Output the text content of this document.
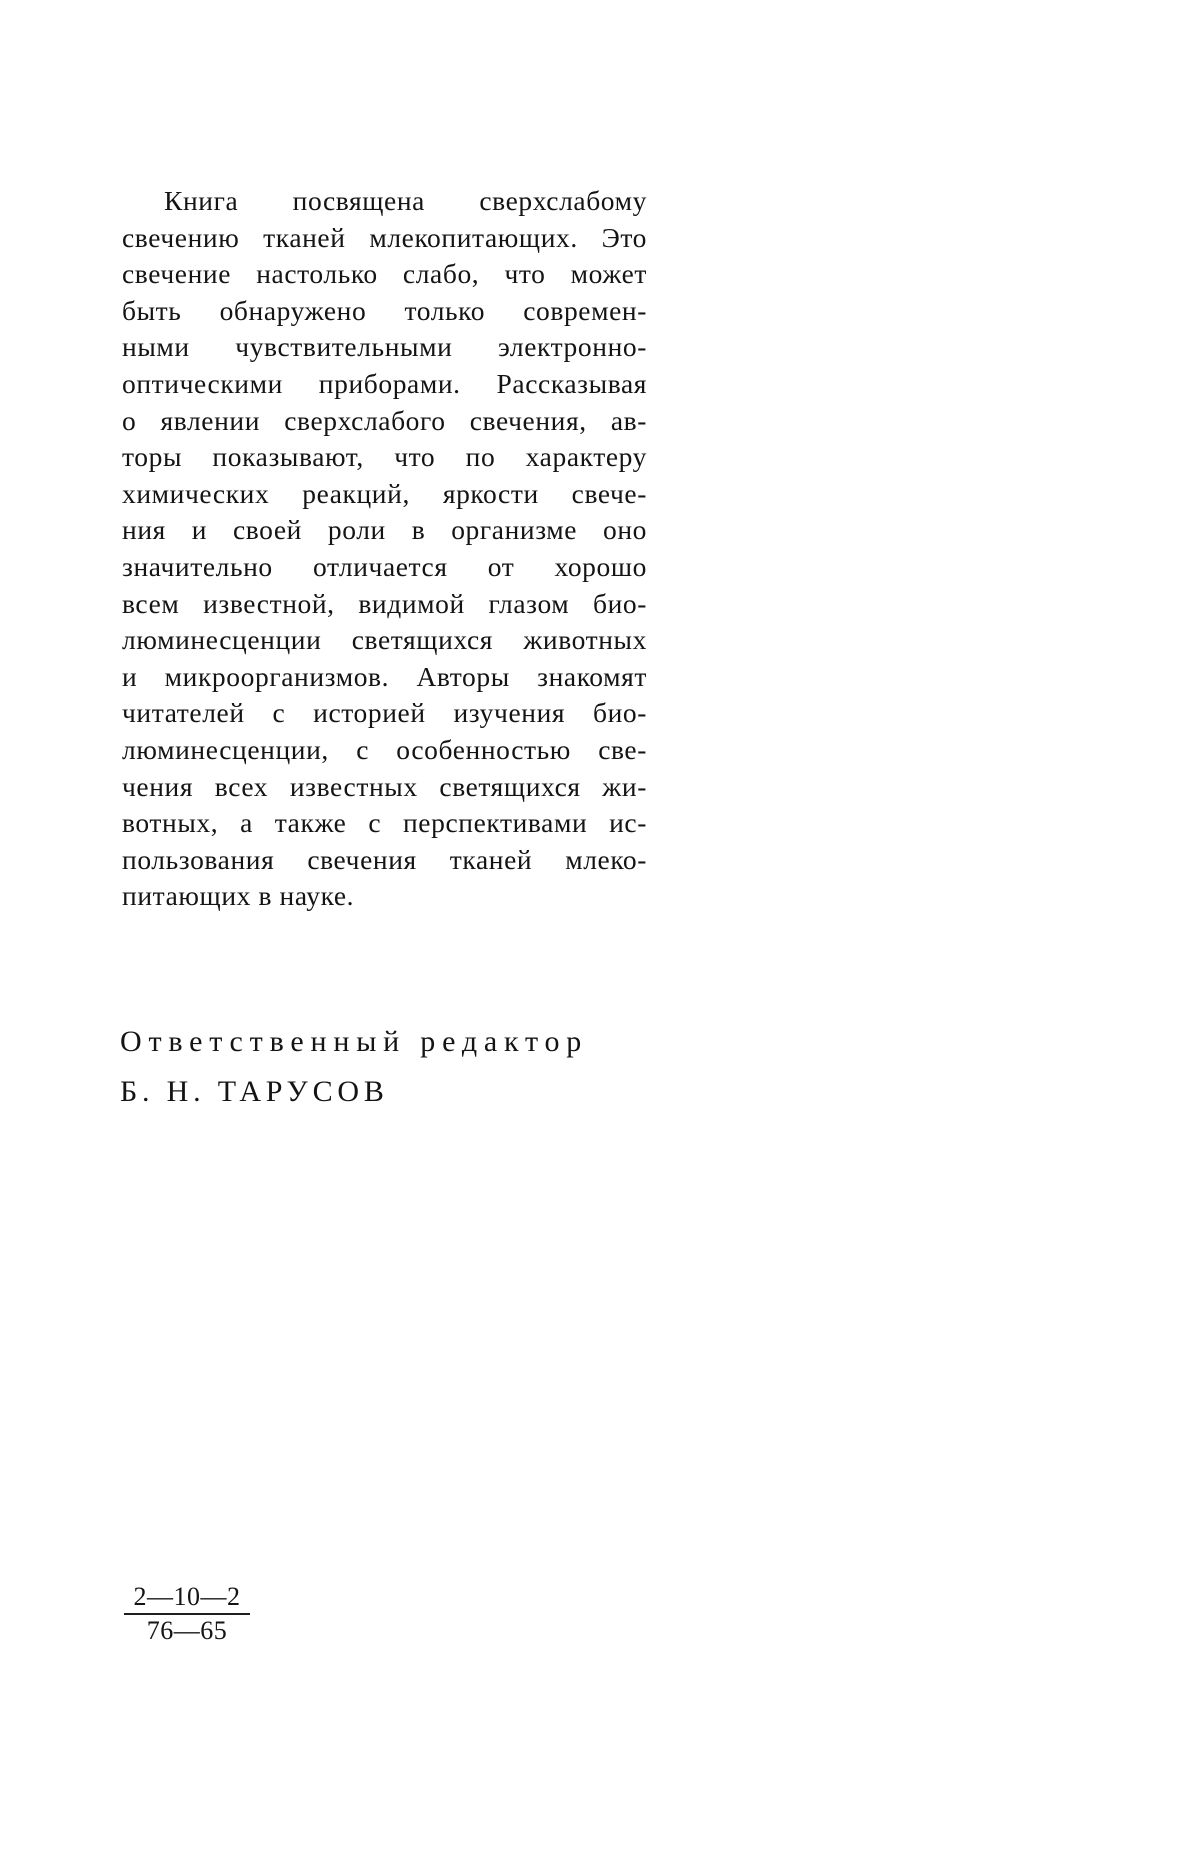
Книга посвящена сверхслабому
свечению тканей млекопитающих. Это
свечение настолько слабо, что может
быть обнаружено только современ-
ными чувствительными электронно-
оптическими приборами. Рассказывая
о явлении сверхслабого свечения, ав-
торы показывают, что по характеру
химических реакций, яркости свече-
ния и своей роли в организме оно
значительно отличается от хорошо
всем известной, видимой глазом био-
люминесценции светящихся животных
и микроорганизмов. Авторы знакомят
читателей с историей изучения био-
люминесценции, с особенностью све-
чения всех известных светящихся жи-
вотных, а также с перспективами ис-
пользования свечения тканей млеко-
питающих в науке.
Ответственный редактор
Б. Н. ТАРУСОВ
$\frac{2—10—2}{76—65}$
